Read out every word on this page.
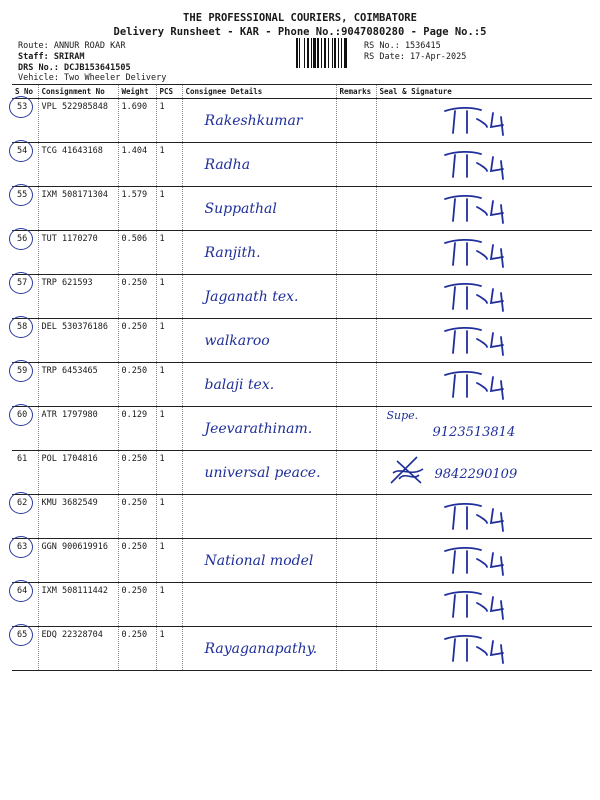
THE PROFESSIONAL COURIERS, COIMBATORE
Delivery Runsheet - KAR - Phone No.:9047080280 - Page No.:5
Route: ANNUR ROAD KAR
Staff: SRIRAM
DRS No.: DCJB153641505
Vehicle: Two Wheeler Delivery
RS No.: 1536415
RS Date: 17-Apr-2025
S No	Consignment No	Weight	PCS	Consignee Details	Remarks	Seal & Signature
53	VPL 522985848	1.690	1	Rakeshkumar

54	TCG 41643168	1.404	1	Radha

55	IXM 508171304	1.579	1	Suppathal

56	TUT 1170270	0.506	1	Ranjith.

57	TRP 621593	0.250	1	Jaganath tex.

58	DEL 530376186	0.250	1	walkaroo

59	TRP 6453465	0.250	1	balaji tex.

60	ATR 1797980	0.129	1	Jeevarathinam.		Supe.
9123513814

61	POL 1704816	0.250	1	universal peace.		9842290109

62	KMU 3682549	0.250	1	

63	GGN 900619916	0.250	1	National model

64	IXM 508111442	0.250	1	

65	EDQ 22328704	0.250	1	Rayaganapathy.
